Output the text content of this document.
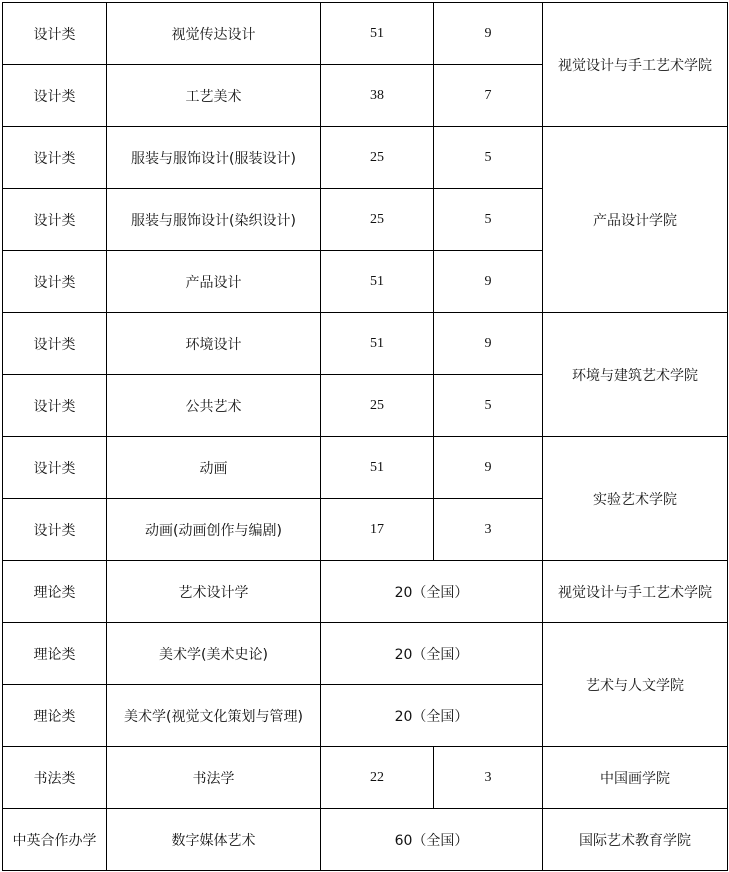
设计类	视觉传达设计	51	9	视觉设计与手工艺术学院
设计类	工艺美术	38	7	
设计类	服装与服饰设计(服装设计)	25	5	产品设计学院
设计类	服装与服饰设计(染织设计)	25	5	
设计类	产品设计	51	9	
设计类	环境设计	51	9	环境与建筑艺术学院
设计类	公共艺术	25	5	
设计类	动画	51	9	实验艺术学院
设计类	动画(动画创作与编剧)	17	3	
理论类	艺术设计学	20（全国）		视觉设计与手工艺术学院
理论类	美术学(美术史论)	20（全国）		艺术与人文学院
理论类	美术学(视觉文化策划与管理)	20（全国）		
书法类	书法学	22	3	中国画学院
中英合作办学	数字媒体艺术	60（全国）		国际艺术教育学院
